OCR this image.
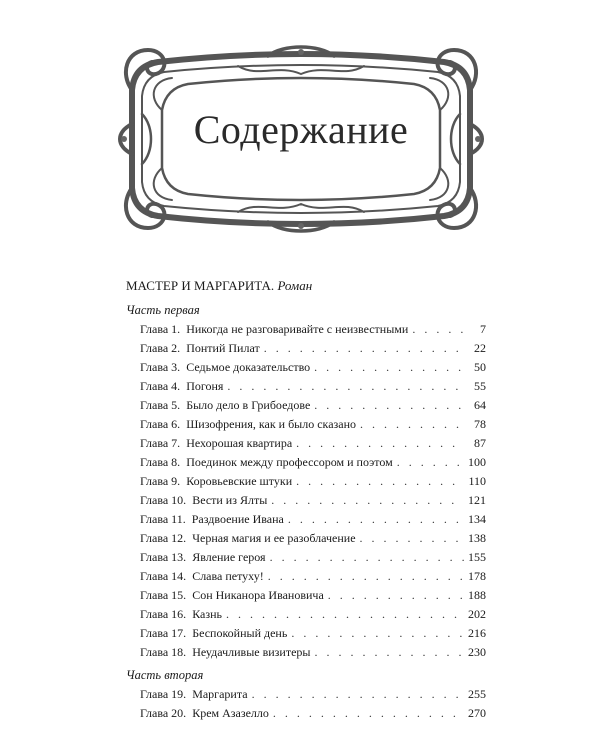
Содержание
МАСТЕР И МАРГАРИТА. Роман
Часть первая
Глава 1. Никогда не разговаривайте с неизвестными . . .	7
Глава 2. Понтий Пилат . . .	22
Глава 3. Седьмое доказательство . . .	50
Глава 4. Погоня . . .	55
Глава 5. Было дело в Грибоедове . . .	64
Глава 6. Шизофрения, как и было сказано . . .	78
Глава 7. Нехорошая квартира . . .	87
Глава 8. Поединок между профессором и поэтом . . .	100
Глава 9. Коровьевские штуки . . .	110
Глава 10. Вести из Ялты . . .	121
Глава 11. Раздвоение Ивана . . .	134
Глава 12. Черная магия и ее разоблачение . . .	138
Глава 13. Явление героя . . .	155
Глава 14. Слава петуху! . . .	178
Глава 15. Сон Никанора Ивановича . . .	188
Глава 16. Казнь . . .	202
Глава 17. Беспокойный день . . .	216
Глава 18. Неудачливые визитеры . . .	230
Часть вторая
Глава 19. Маргарита . . .	255
Глава 20. Крем Азазелло . . .	270
